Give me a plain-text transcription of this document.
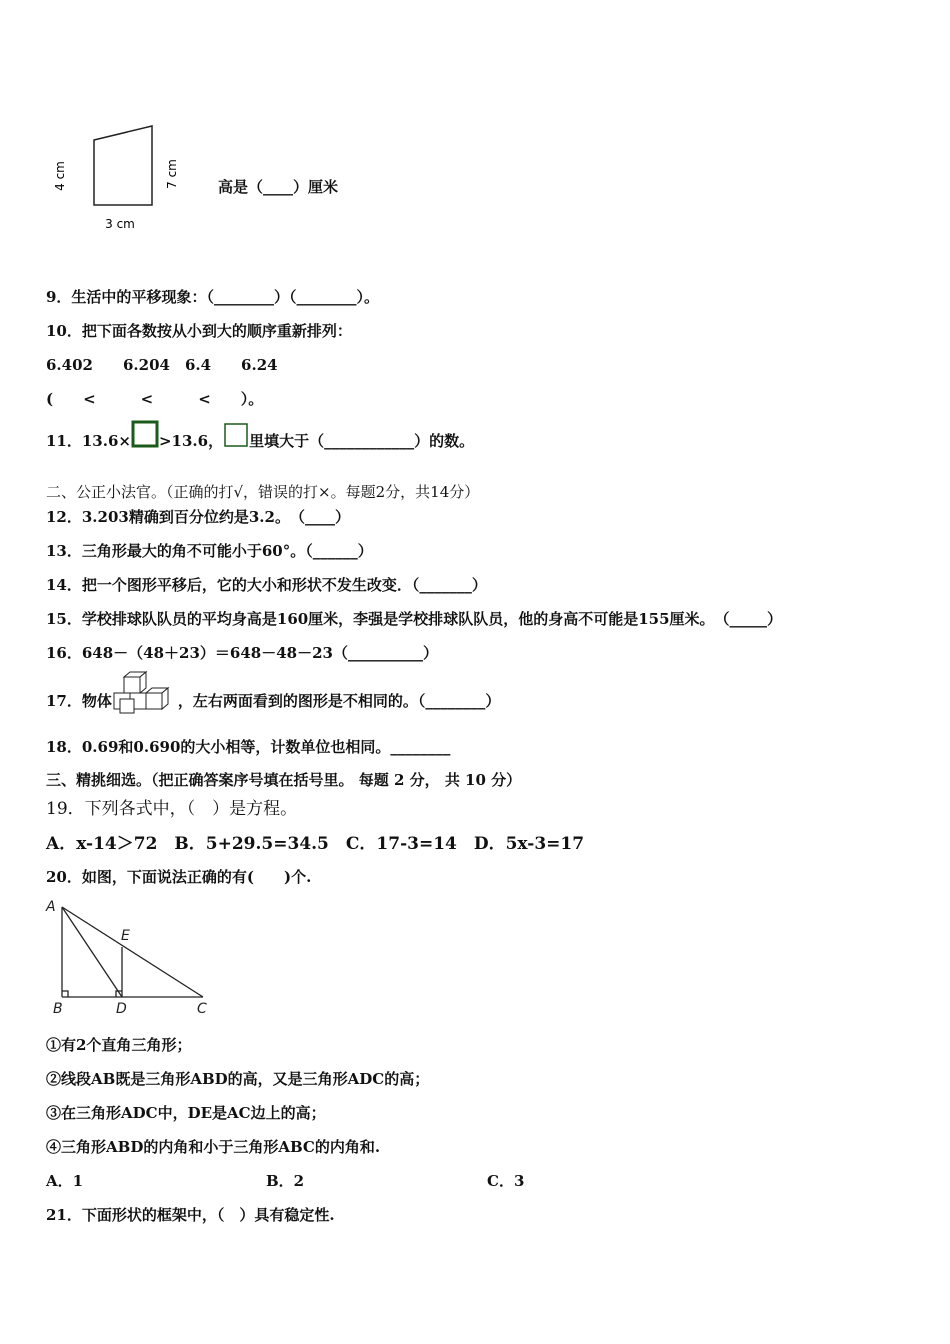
4 cm	7 cm
3 cm
高是（____）厘米
9．生活中的平移现象：（________）（________）。
10．把下面各数按从小到大的顺序重新排列：
6.402　　6.204　6.4　　6.24
(　　<　　　<　　　<　　）。
11．13.6× >13.6， 里填大于（____________）的数。
二、公正小法官。（正确的打√，错误的打×。每题2分，共14分）
12．3.203精确到百分位约是3.2。　（____）
13．三角形最大的角不可能小于60°。（______）
14．把一个图形平移后，它的大小和形状不发生改变．（_______）
15．学校排球队队员的平均身高是160厘米，李强是学校排球队队员，他的身高不可能是155厘米。　（_____）
16．648－（48＋23）＝648－48－23（__________）
17．物体	，左右两面看到的图形是不相同的。（________）
18．0.69和0.690的大小相等，计数单位也相同。________
三、精挑细选。（把正确答案序号填在括号里。 每题 2 分， 共 10 分）
19．下列各式中，（　）是方程。
A．x-14＞72　B．5+29.5=34.5　C．17-3=14　D．5x-3=17
20．如图，下面说法正确的有(　　)个.
A
B	D	C
E
①有2个直角三角形；
②线段AB既是三角形ABD的高，又是三角形ADC的高；
③在三角形ADC中，DE是AC边上的高；
④三角形ABD的内角和小于三角形ABC的内角和.
A．1	B．2	C．3
21．下面形状的框架中，（　）具有稳定性.
